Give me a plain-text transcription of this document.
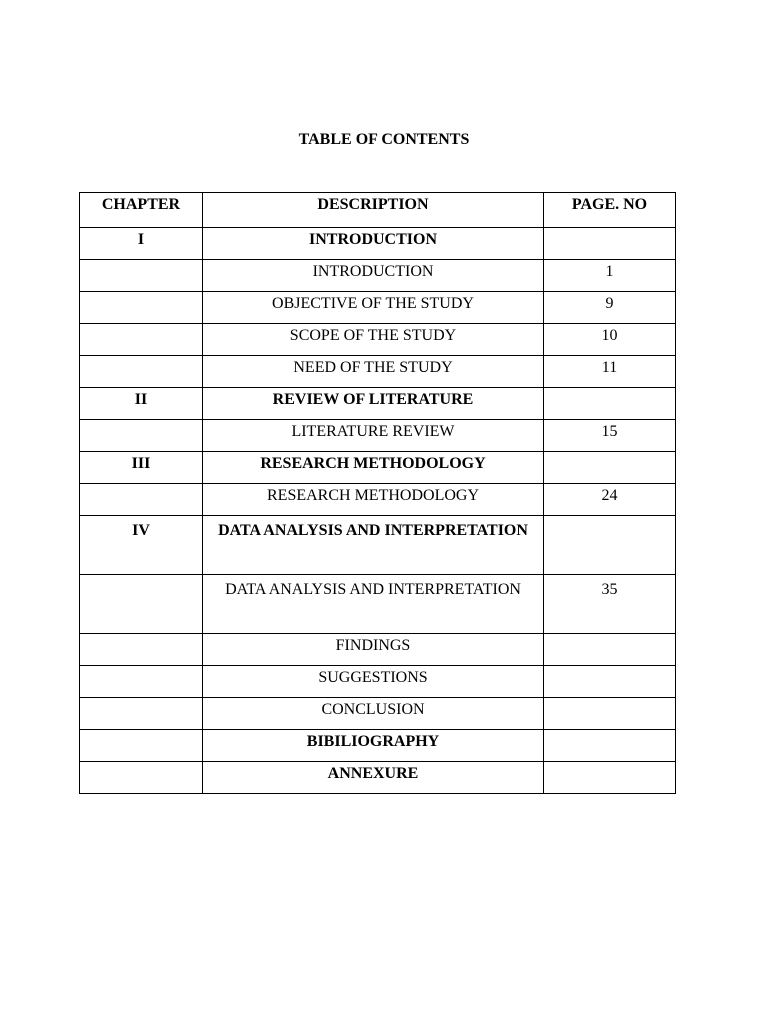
TABLE OF CONTENTS
CHAPTER	DESCRIPTION	PAGE. NO

I	INTRODUCTION	

	INTRODUCTION	1

	OBJECTIVE OF THE STUDY	9

	SCOPE OF THE STUDY	10

	NEED OF THE STUDY	11

II	REVIEW OF LITERATURE	

	LITERATURE REVIEW	15

III	RESEARCH METHODOLOGY	

	RESEARCH METHODOLOGY	24

IV	DATA ANALYSIS AND INTERPRETATION	

	DATA ANALYSIS AND INTERPRETATION	35

	FINDINGS	

	SUGGESTIONS	

	CONCLUSION	

	BIBILIOGRAPHY	

	ANNEXURE	
